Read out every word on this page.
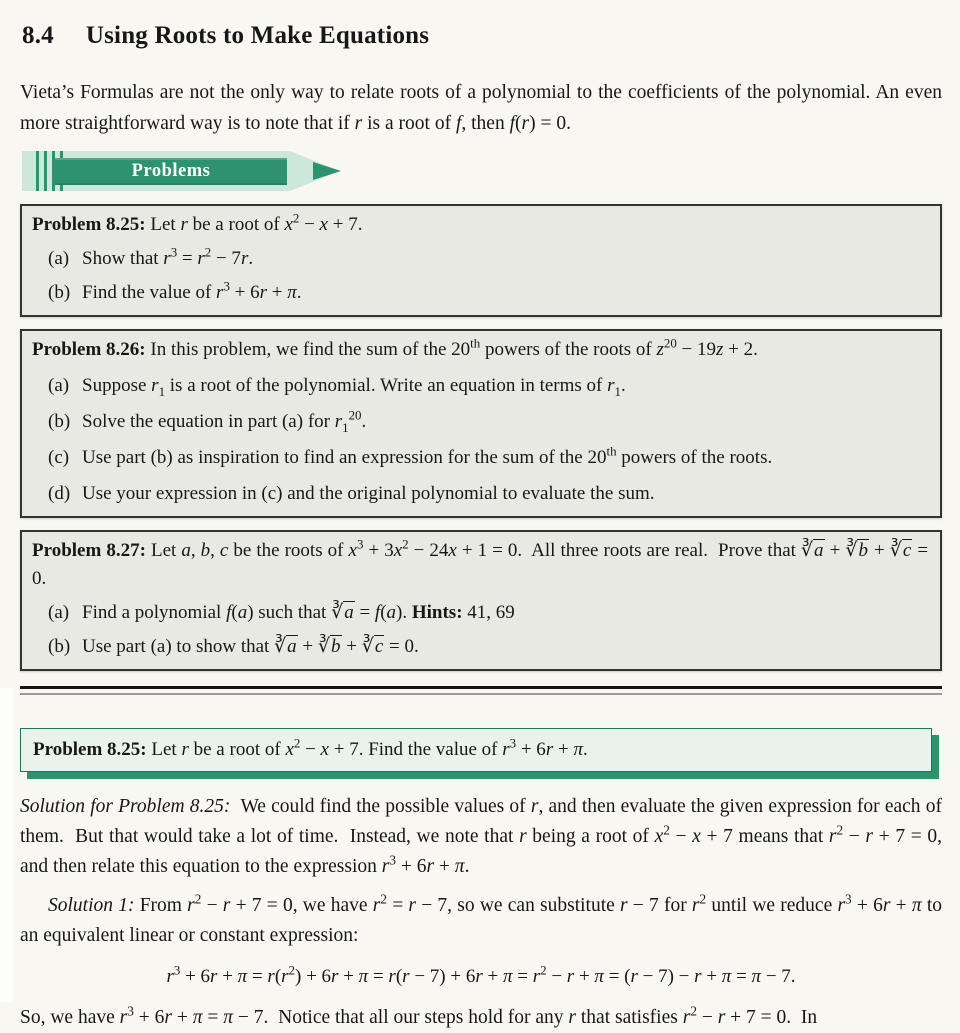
8.4 Using Roots to Make Equations

Vieta’s Formulas are not the only way to relate roots of a polynomial to the coefficients of the polynomial. An even more straightforward way is to note that if r is a root of f, then f(r) = 0.

Problems

Problem 8.25: Let r be a root of $x^2 - x + 7$.

(a) Show that $r^3 = r^2 - 7r$.
(b) Find the value of $r^3 + 6r + \pi$.

Problem 8.26: In this problem, we find the sum of the 20th powers of the roots of $z^{20} - 19z + 2$.

(a) Suppose $r_1$ is a root of the polynomial. Write an equation in terms of $r_1$.
(b) Solve the equation in part (a) for $r_1^{20}$.
(c) Use part (b) as inspiration to find an expression for the sum of the 20th powers of the roots.
(d) Use your expression in (c) and the original polynomial to evaluate the sum.

Problem 8.27: Let a, b, c be the roots of $x^3 + 3x^2 - 24x + 1 = 0$.  All three roots are real.  Prove that ∛a + ∛b + ∛c = 0.

(a) Find a polynomial f(a) such that ∛a = f(a). Hints: 41, 69
(b) Use part (a) to show that ∛a + ∛b + ∛c = 0.
Problem 8.25: Let r be a root of $x^2 - x + 7$. Find the value of $r^3 + 6r + \pi$.

Solution for Problem 8.25: We could find the possible values of r, and then evaluate the given expression for each of them.  But that would take a lot of time.  Instead, we note that r being a root of $x^2 - x + 7$ means that $r^2 - r + 7 = 0$, and then relate this equation to the expression $r^3 + 6r + \pi$.

Solution 1: From $r^2 - r + 7 = 0$, we have $r^2 = r - 7$, so we can substitute r − 7 for $r^2$ until we reduce $r^3 + 6r + \pi$ to an equivalent linear or constant expression:

$r^3 + 6r + \pi = r(r^2) + 6r + \pi = r(r - 7) + 6r + \pi = r^2 - r + \pi = (r - 7) - r + \pi = \pi - 7$.

So, we have $r^3 + 6r + \pi = \pi - 7$.  Notice that all our steps hold for any r that satisfies $r^2 - r + 7 = 0$.  In
